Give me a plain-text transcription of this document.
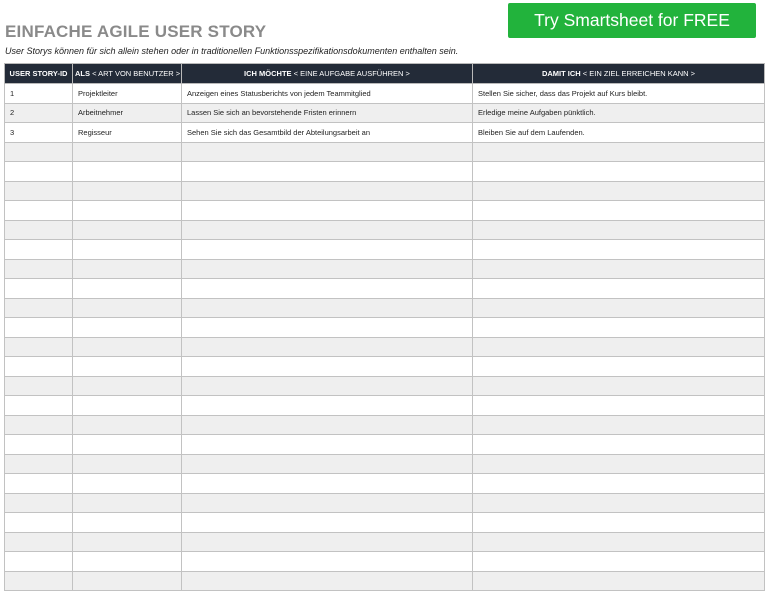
EINFACHE AGILE USER STORY
Try Smartsheet for FREE
User Storys können für sich allein stehen oder in traditionellen Funktionsspezifikationsdokumenten enthalten sein.
USER STORY-ID	ALS < ART VON BENUTZER >	ICH MÖCHTE < EINE AUFGABE AUSFÜHREN >	DAMIT ICH < EIN ZIEL ERREICHEN KANN >
1	Projektleiter	Anzeigen eines Statusberichts von jedem Teammitglied	Stellen Sie sicher, dass das Projekt auf Kurs bleibt.
2	Arbeitnehmer	Lassen Sie sich an bevorstehende Fristen erinnern	Erledige meine Aufgaben pünktlich.
3	Regisseur	Sehen Sie sich das Gesamtbild der Abteilungsarbeit an	Bleiben Sie auf dem Laufenden.
